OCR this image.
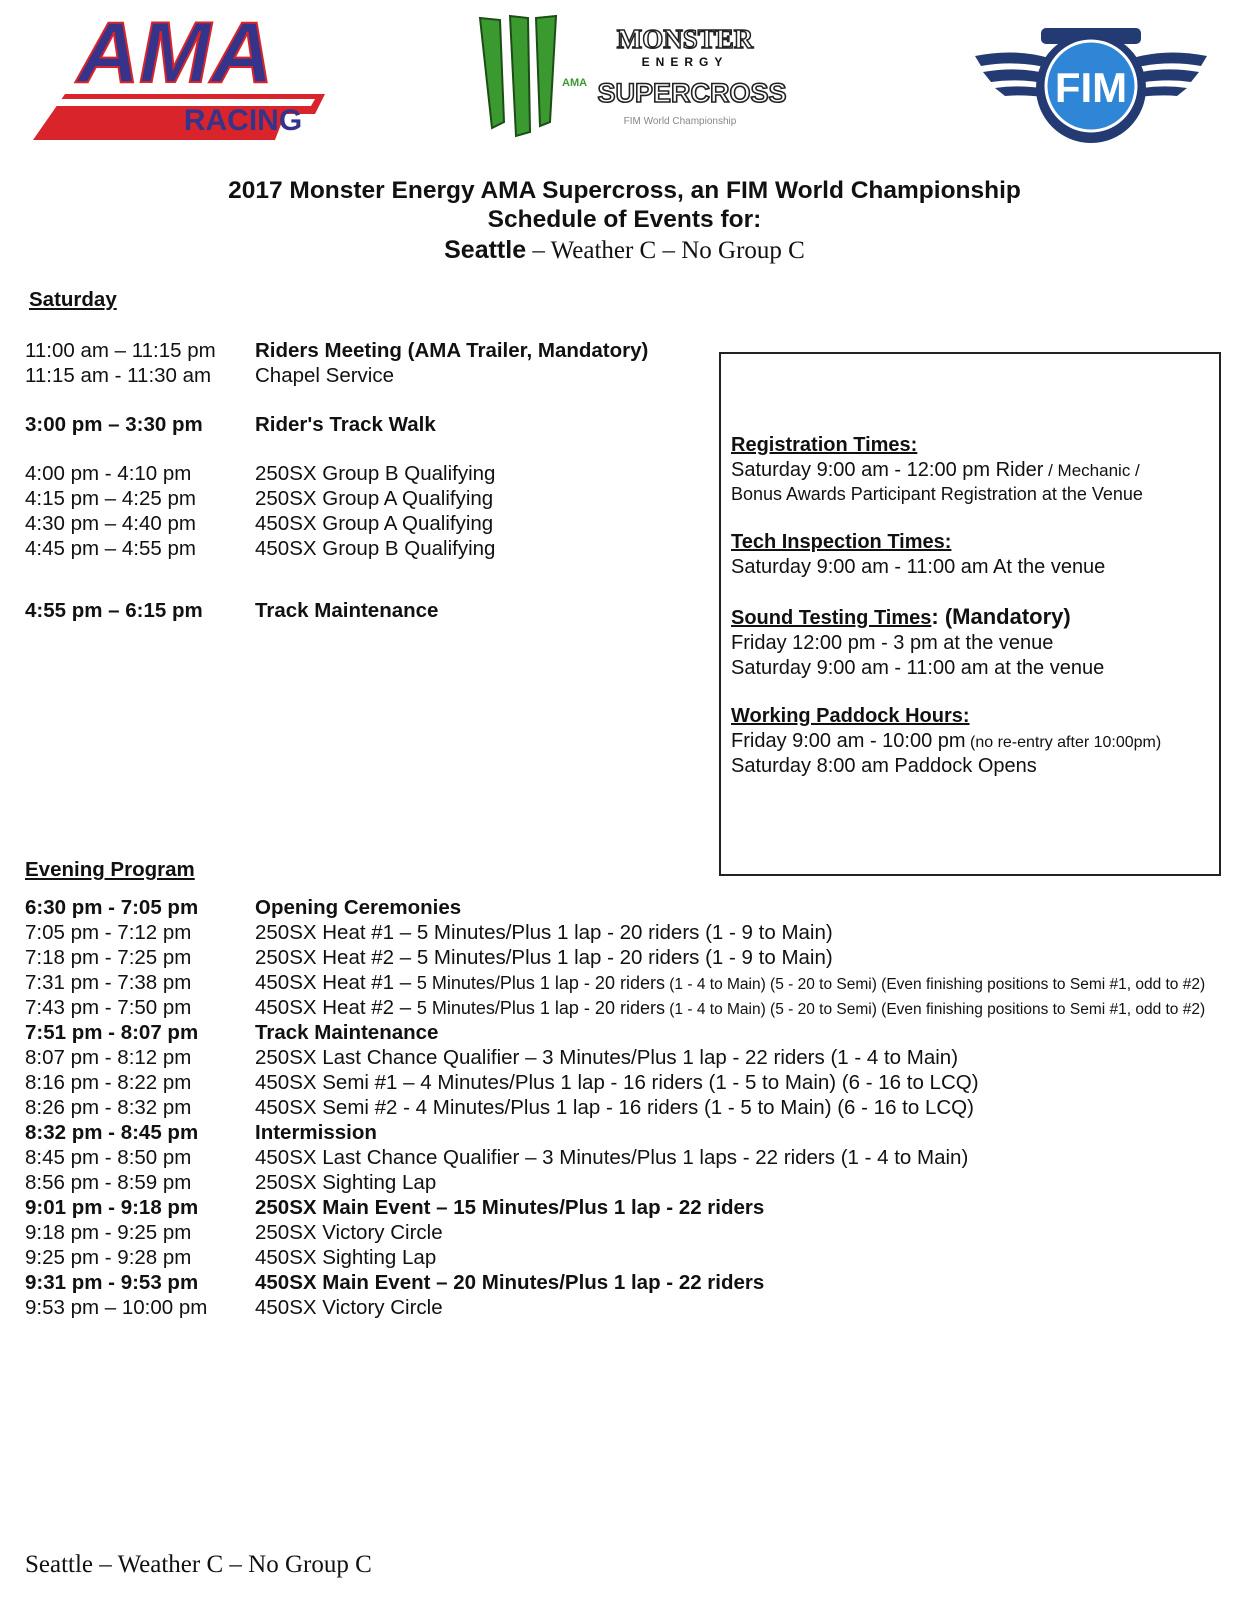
AMA
RACING
MONSTER
ENERGY
AMA SUPERCROSS
FIM World Championship
FIM
2017 Monster Energy AMA Supercross, an FIM World Championship
Schedule of Events for:
Seattle – Weather C – No Group C
Saturday
11:00 am – 11:15 pm Riders Meeting (AMA Trailer, Mandatory)
11:15 am - 11:30 am Chapel Service
3:00 pm – 3:30 pm	Rider's Track Walk
4:00 pm - 4:10 pm	250SX Group B Qualifying
4:15 pm – 4:25 pm	250SX Group A Qualifying
4:30 pm – 4:40 pm	450SX Group A Qualifying
4:45 pm – 4:55 pm	450SX Group B Qualifying
4:55 pm – 6:15 pm	Track Maintenance
Registration Times:
Saturday 9:00 am - 12:00 pm Rider / Mechanic /
Bonus Awards Participant Registration at the Venue
Tech Inspection Times:
Saturday 9:00 am - 11:00 am At the venue
Sound Testing Times: (Mandatory)
Friday 12:00 pm - 3 pm at the venue
Saturday 9:00 am - 11:00 am at the venue
Working Paddock Hours:
Friday 9:00 am - 10:00 pm (no re-entry after 10:00pm)
Saturday 8:00 am Paddock Opens
Evening Program
6:30 pm - 7:05 pm	Opening Ceremonies
7:05 pm - 7:12 pm	250SX Heat #1 – 5 Minutes/Plus 1 lap - 20 riders (1 - 9 to Main)
7:18 pm - 7:25 pm	250SX Heat #2 – 5 Minutes/Plus 1 lap - 20 riders (1 - 9 to Main)
7:31 pm - 7:38 pm	450SX Heat #1 – 5 Minutes/Plus 1 lap - 20 riders (1 - 4 to Main) (5 - 20 to Semi) (Even finishing positions to Semi #1, odd to #2)
7:43 pm - 7:50 pm	450SX Heat #2 – 5 Minutes/Plus 1 lap - 20 riders (1 - 4 to Main) (5 - 20 to Semi) (Even finishing positions to Semi #1, odd to #2)
7:51 pm - 8:07 pm	Track Maintenance
8:07 pm - 8:12 pm	250SX Last Chance Qualifier – 3 Minutes/Plus 1 lap - 22 riders (1 - 4 to Main)
8:16 pm - 8:22 pm	450SX Semi #1 – 4 Minutes/Plus 1 lap - 16 riders (1 - 5 to Main) (6 - 16 to LCQ)
8:26 pm - 8:32 pm	450SX Semi #2 - 4 Minutes/Plus 1 lap - 16 riders (1 - 5 to Main) (6 - 16 to LCQ)
8:32 pm - 8:45 pm	Intermission
8:45 pm - 8:50 pm	450SX Last Chance Qualifier – 3 Minutes/Plus 1 laps - 22 riders (1 - 4 to Main)
8:56 pm - 8:59 pm	250SX Sighting Lap
9:01 pm - 9:18 pm	250SX Main Event – 15 Minutes/Plus 1 lap - 22 riders
9:18 pm - 9:25 pm	250SX Victory Circle
9:25 pm - 9:28 pm	450SX Sighting Lap
9:31 pm - 9:53 pm	450SX Main Event – 20 Minutes/Plus 1 lap - 22 riders
9:53 pm – 10:00 pm 450SX Victory Circle
Seattle – Weather C – No Group C
